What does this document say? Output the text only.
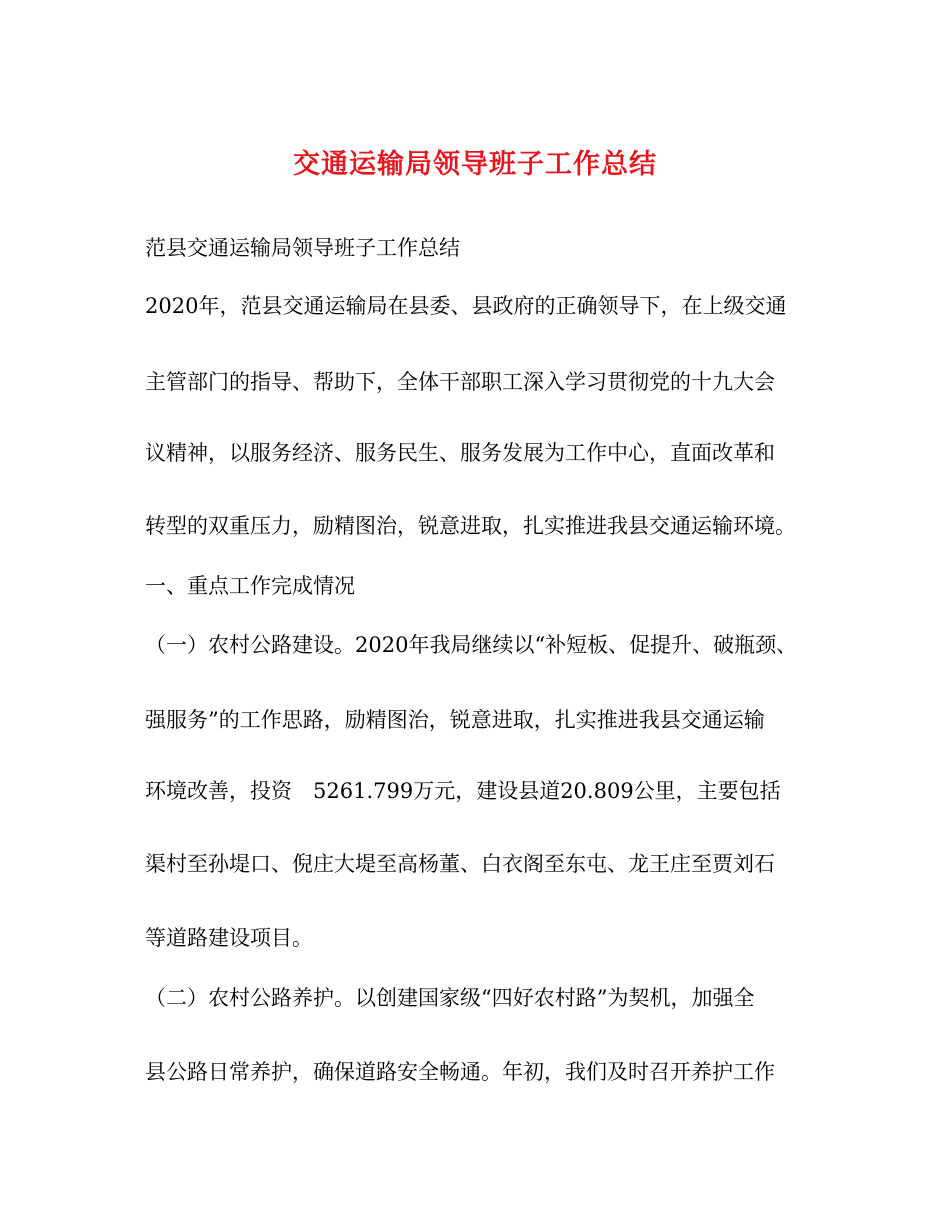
交通运输局领导班子工作总结
范县交通运输局领导班子工作总结
2020年，范县交通运输局在县委、县政府的正确领导下，在上级交通
主管部门的指导、帮助下，全体干部职工深入学习贯彻党的十九大会
议精神，以服务经济、服务民生、服务发展为工作中心，直面改革和
转型的双重压力，励精图治，锐意进取，扎实推进我县交通运输环境。
一、重点工作完成情况
（一）农村公路建设。2020年我局继续以“补短板、促提升、破瓶颈、
强服务”的工作思路，励精图治，锐意进取，扎实推进我县交通运输
环境改善，投资　5261.799万元，建设县道20.809公里，主要包括
渠村至孙堤口、倪庄大堤至高杨董、白衣阁至东屯、龙王庄至贾刘石
等道路建设项目。
（二）农村公路养护。以创建国家级“四好农村路”为契机，加强全
县公路日常养护，确保道路安全畅通。年初，我们及时召开养护工作
